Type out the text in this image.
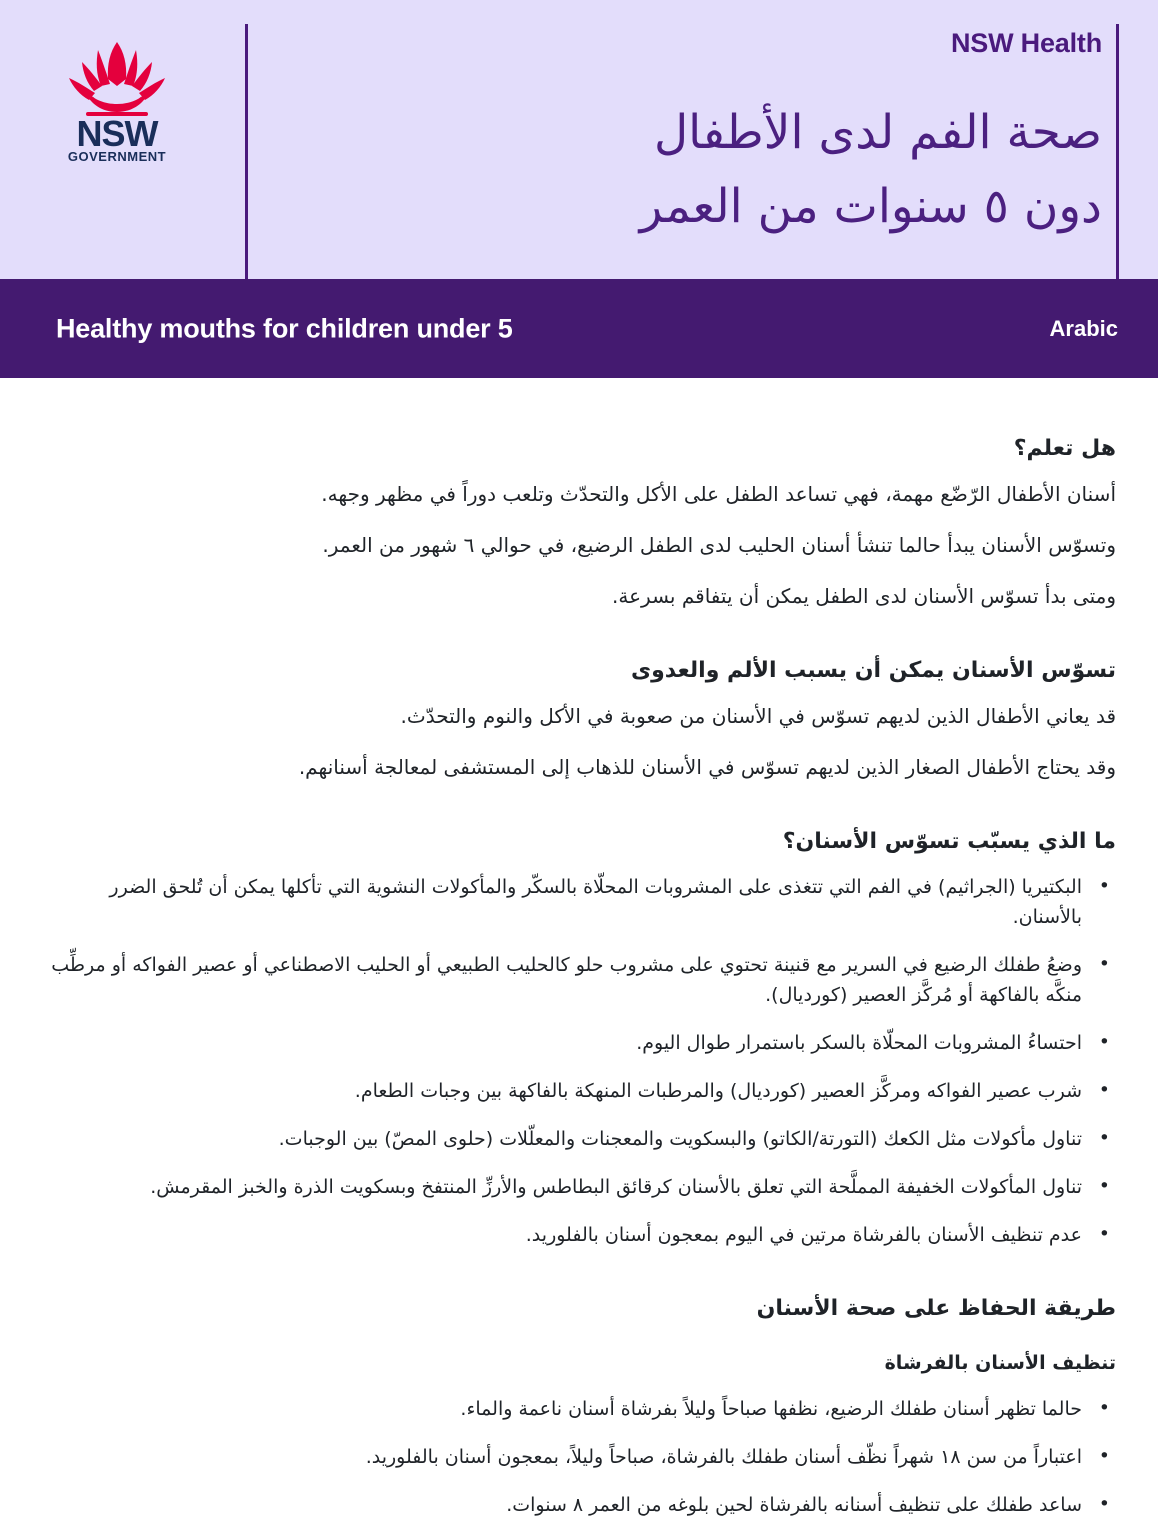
NSW
GOVERNMENT
NSW Health
صحة الفم لدى الأطفال
دون ٥ سنوات من العمر
Healthy mouths for children under 5	Arabic
هل تعلم؟

أسنان الأطفال الرّضّع مهمة، فهي تساعد الطفل على الأكل والتحدّث وتلعب دوراً في مظهر وجهه.

وتسوّس الأسنان يبدأ حالما تنشأ أسنان الحليب لدى الطفل الرضيع، في حوالي ٦ شهور من العمر.

ومتى بدأ تسوّس الأسنان لدى الطفل يمكن أن يتفاقم بسرعة.

تسوّس الأسنان يمكن أن يسبب الألم والعدوى

قد يعاني الأطفال الذين لديهم تسوّس في الأسنان من صعوبة في الأكل والنوم والتحدّث.

وقد يحتاج الأطفال الصغار الذين لديهم تسوّس في الأسنان للذهاب إلى المستشفى لمعالجة أسنانهم.

ما الذي يسبّب تسوّس الأسنان؟
• البكتيريا (الجراثيم) في الفم التي تتغذى على المشروبات المحلّاة بالسكّر والمأكولات النشوية التي تأكلها يمكن أن تُلحق الضرر بالأسنان.
• وضعُ طفلك الرضيع في السرير مع قنينة تحتوي على مشروب حلو كالحليب الطبيعي أو الحليب الاصطناعي أو عصير الفواكه أو مرطِّب منكَّه بالفاكهة أو مُركَّز العصير (كورديال).
• احتساءُ المشروبات المحلّاة بالسكر باستمرار طوال اليوم.
• شرب عصير الفواكه ومركَّز العصير (كورديال) والمرطبات المنهكة بالفاكهة بين وجبات الطعام.
• تناول مأكولات مثل الكعك (التورتة/الكاتو) والبسكويت والمعجنات والمعلّلات (حلوى المصّ) بين الوجبات.
• تناول المأكولات الخفيفة المملَّحة التي تعلق بالأسنان كرقائق البطاطس والأرزِّ المنتفخ وبسكويت الذرة والخبز المقرمش.
• عدم تنظيف الأسنان بالفرشاة مرتين في اليوم بمعجون أسنان بالفلوريد.
طريقة الحفاظ على صحة الأسنان
تنظيف الأسنان بالفرشاة
• حالما تظهر أسنان طفلك الرضيع، نظفها صباحاً وليلاً بفرشاة أسنان ناعمة والماء.
• اعتباراً من سن ١٨ شهراً نظّف أسنان طفلك بالفرشاة، صباحاً وليلاً، بمعجون أسنان بالفلوريد.
• ساعد طفلك على تنظيف أسنانه بالفرشاة لحين بلوغه من العمر ٨ سنوات.
